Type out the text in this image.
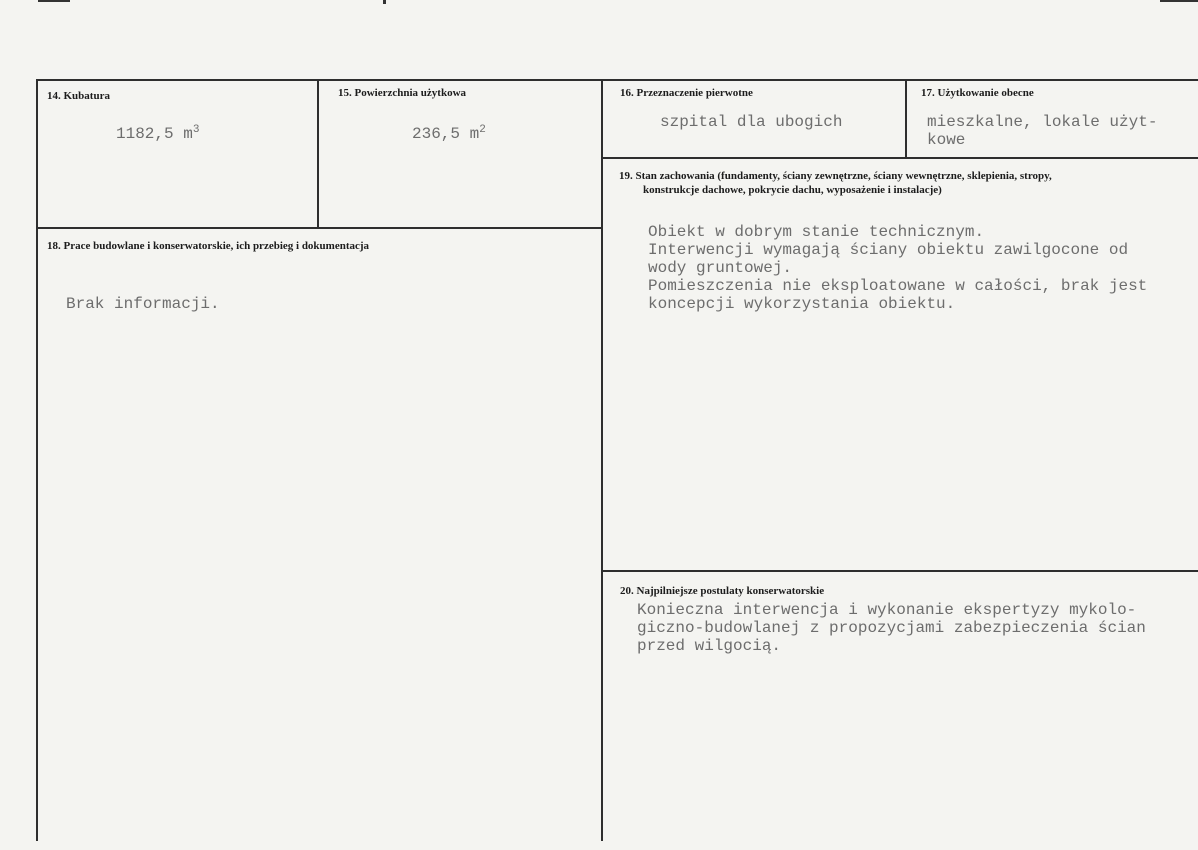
14. Kubatura
1182,5 $m^3$
15. Powierzchnia użytkowa
236,5 $m^2$
16. Przeznaczenie pierwotne
szpital dla ubogich
17. Użytkowanie obecne
mieszkalne, lokale użyt-
kowe
18. Prace budowlane i konserwatorskie, ich przebieg i dokumentacja
Brak informacji.
19. Stan zachowania (fundamenty, ściany zewnętrzne, ściany wewnętrzne, sklepienia, stropy,
konstrukcje dachowe, pokrycie dachu, wyposażenie i instalacje)
Obiekt w dobrym stanie technicznym.
Interwencji wymagają ściany obiektu zawilgocone od
wody gruntowej.
Pomieszczenia nie eksploatowane w całości, brak jest
koncepcji wykorzystania obiektu.
20. Najpilniejsze postulaty konserwatorskie
Konieczna interwencja i wykonanie ekspertyzy mykolo-
giczno-budowlanej z propozycjami zabezpieczenia ścian
przed wilgocią.
